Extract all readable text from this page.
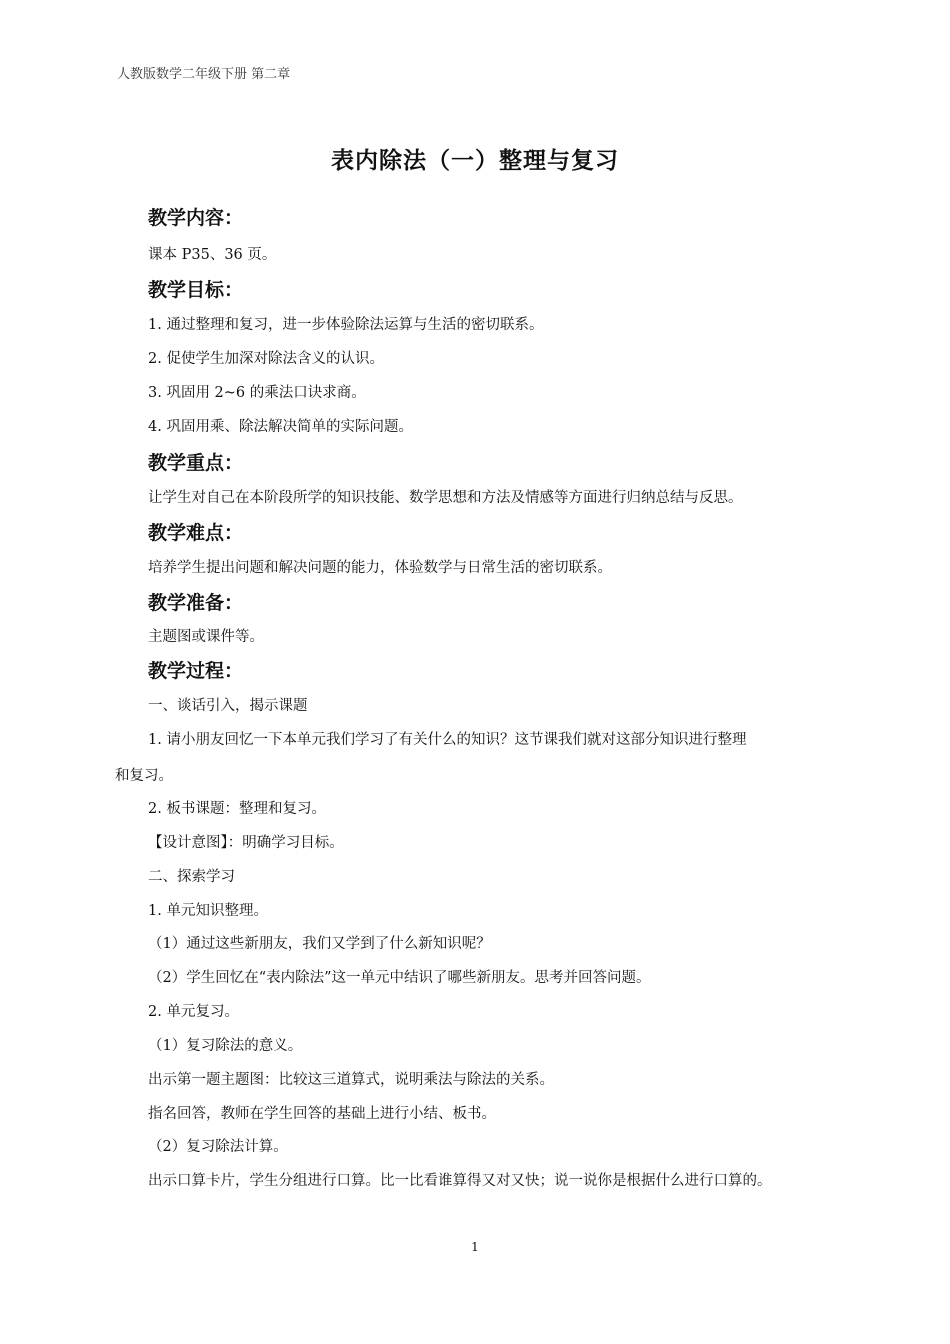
人教版数学二年级下册 第二章
表内除法（一）整理与复习
教学内容：
课本 P35、36 页。
教学目标：
1. 通过整理和复习，进一步体验除法运算与生活的密切联系。
2. 促使学生加深对除法含义的认识。
3. 巩固用 2~6 的乘法口诀求商。
4. 巩固用乘、除法解决简单的实际问题。
教学重点：
让学生对自己在本阶段所学的知识技能、数学思想和方法及情感等方面进行归纳总结与反思。
教学难点：
培养学生提出问题和解决问题的能力，体验数学与日常生活的密切联系。
教学准备：
主题图或课件等。
教学过程：
一、谈话引入，揭示课题
1. 请小朋友回忆一下本单元我们学习了有关什么的知识？这节课我们就对这部分知识进行整理
和复习。
2. 板书课题：整理和复习。
【设计意图】：明确学习目标。
二、探索学习
1. 单元知识整理。
（1）通过这些新朋友，我们又学到了什么新知识呢？
（2）学生回忆在“表内除法”这一单元中结识了哪些新朋友。思考并回答问题。
2. 单元复习。
（1）复习除法的意义。
出示第一题主题图：比较这三道算式，说明乘法与除法的关系。
指名回答，教师在学生回答的基础上进行小结、板书。
（2）复习除法计算。
出示口算卡片，学生分组进行口算。比一比看谁算得又对又快；说一说你是根据什么进行口算的。
1
